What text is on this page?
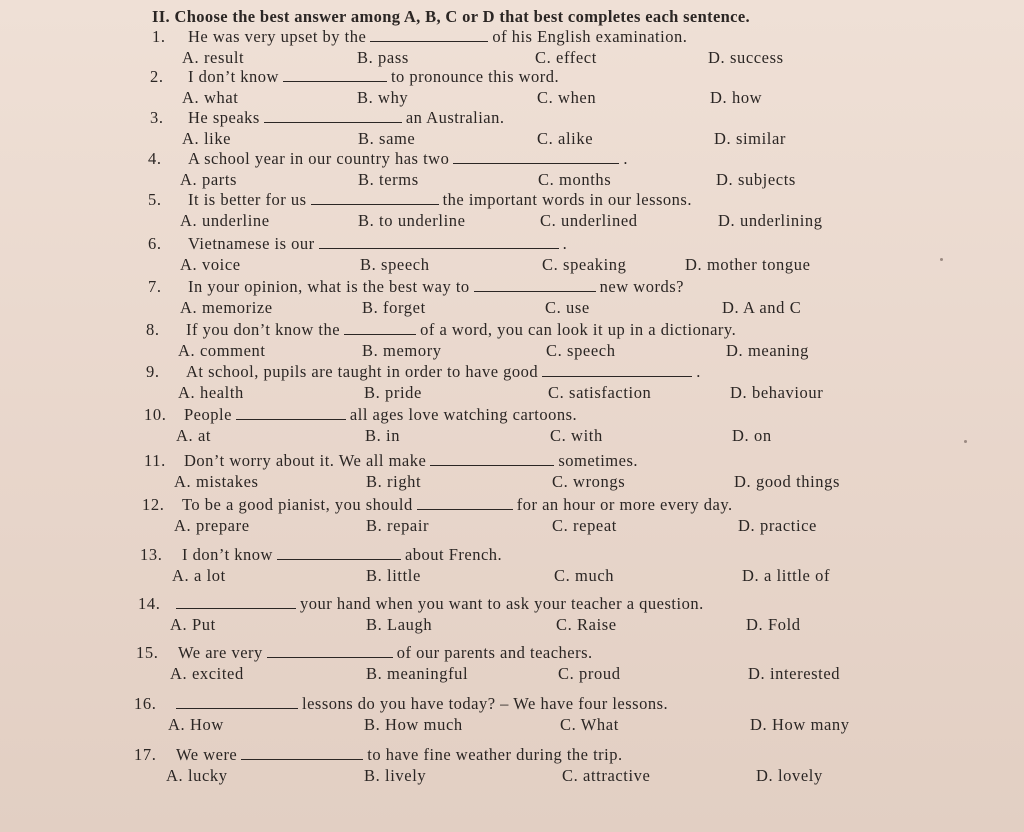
II. Choose the best answer among A, B, C or D that best completes each sentence.
1. He was very upset by the	of his English examination.
A. result	B. pass	C. effect	D. success
2. I don’t know	to pronounce this word.
A. what	B. why	C. when	D. how
3. He speaks	an Australian.
A. like	B. same	C. alike	D. similar
4. A school year in our country has two	.
A. parts	B. terms	C. months	D. subjects
5. It is better for us	the important words in our lessons.
A. underline	B. to underline	C. underlined	D. underlining
6. Vietnamese is our	.
A. voice	B. speech	C. speaking	D. mother tongue
7. In your opinion, what is the best way to	new words?
A. memorize	B. forget	C. use	D. A and C
8. If you don’t know the	of a word, you can look it up in a dictionary.
A. comment	B. memory	C. speech	D. meaning
9. At school, pupils are taught in order to have good	.
A. health	B. pride	C. satisfaction	D. behaviour
10. People	all ages love watching cartoons.
A. at	B. in	C. with	D. on
11. Don’t worry about it. We all make	sometimes.
A. mistakes	B. right	C. wrongs	D. good things
12. To be a good pianist, you should	for an hour or more every day.
A. prepare	B. repair	C. repeat	D. practice
13. I don’t know	about French.
A. a lot	B. little	C. much	D. a little of
14.	your hand when you want to ask your teacher a question.
A. Put	B. Laugh	C. Raise	D. Fold
15. We are very	of our parents and teachers.
A. excited	B. meaningful	C. proud	D. interested
16.	lessons do you have today? – We have four lessons.
A. How	B. How much	C. What	D. How many
17. We were	to have fine weather during the trip.
A. lucky	B. lively	C. attractive	D. lovely
